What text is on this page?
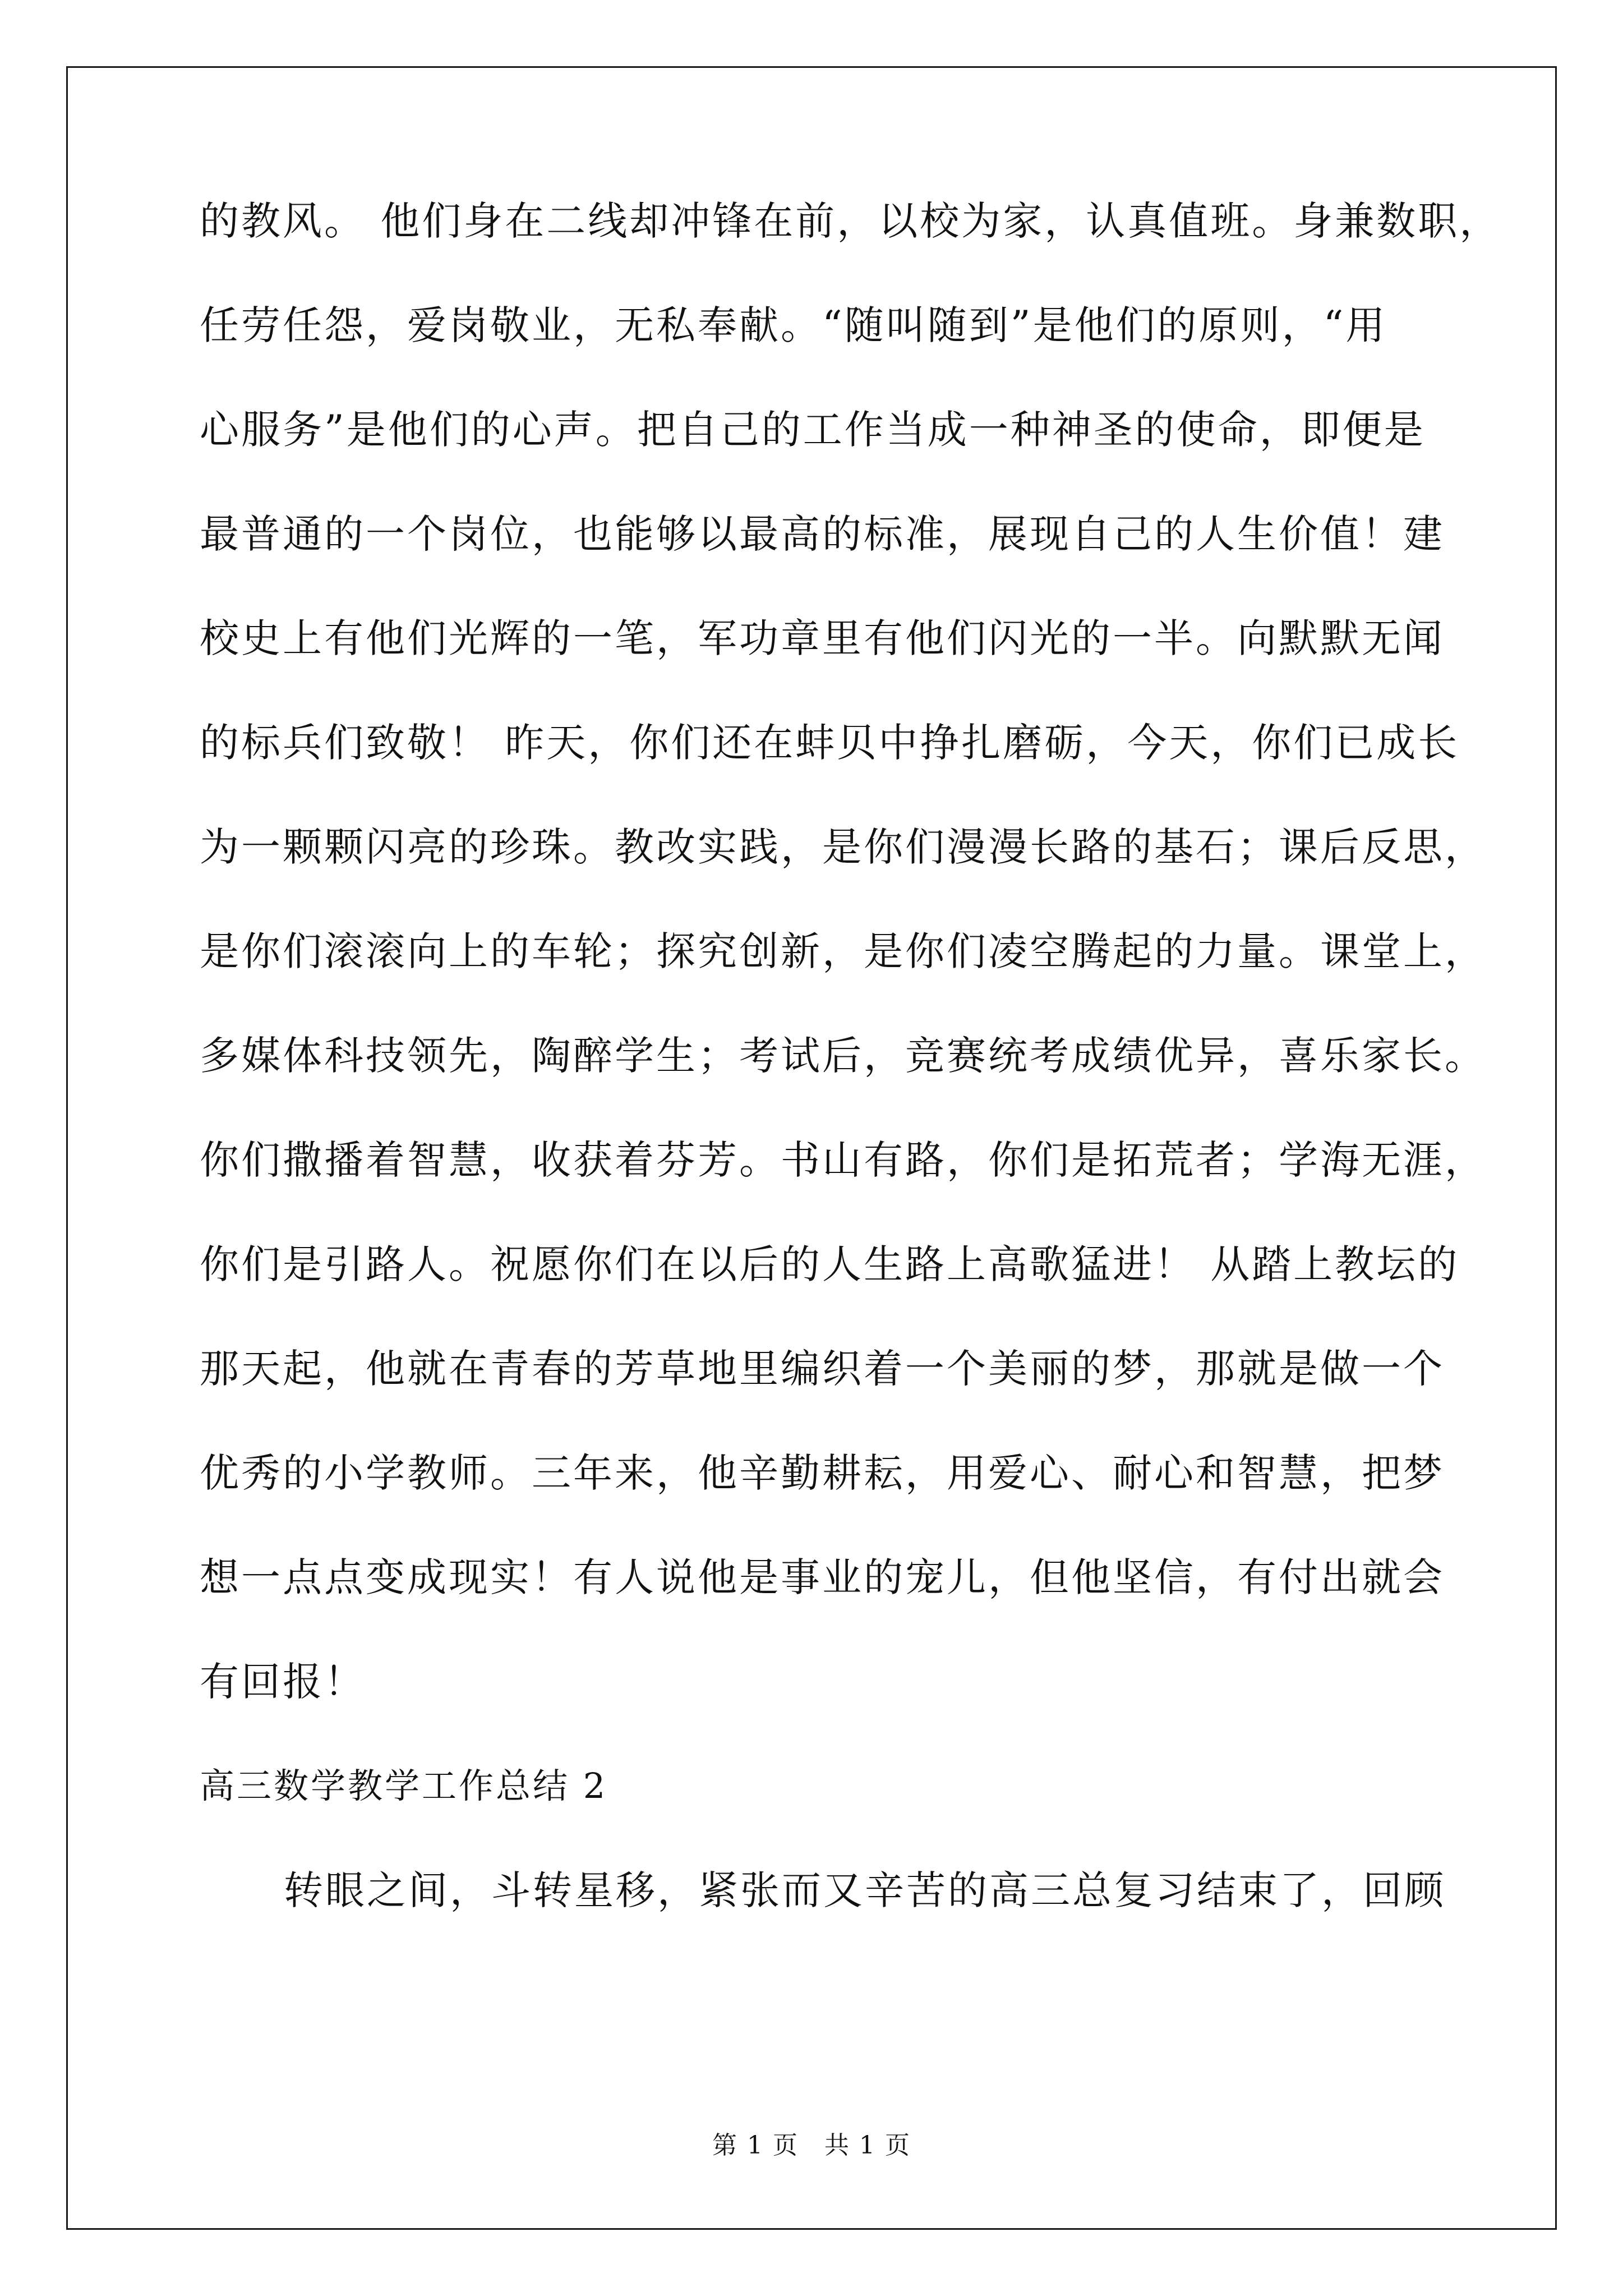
的教风。 他们身在二线却冲锋在前，以校为家，认真值班。身兼数职，
任劳任怨，爱岗敬业，无私奉献。“随叫随到”是他们的原则，“用
心服务”是他们的心声。把自己的工作当成一种神圣的使命，即便是
最普通的一个岗位，也能够以最高的标准，展现自己的人生价值！建
校史上有他们光辉的一笔，军功章里有他们闪光的一半。向默默无闻
的标兵们致敬！ 昨天，你们还在蚌贝中挣扎磨砺，今天，你们已成长
为一颗颗闪亮的珍珠。教改实践，是你们漫漫长路的基石；课后反思，
是你们滚滚向上的车轮；探究创新，是你们凌空腾起的力量。课堂上，
多媒体科技领先，陶醉学生；考试后，竞赛统考成绩优异，喜乐家长。
你们撒播着智慧，收获着芬芳。书山有路，你们是拓荒者；学海无涯，
你们是引路人。祝愿你们在以后的人生路上高歌猛进！ 从踏上教坛的
那天起，他就在青春的芳草地里编织着一个美丽的梦，那就是做一个
优秀的小学教师。三年来，他辛勤耕耘，用爱心、耐心和智慧，把梦
想一点点变成现实！有人说他是事业的宠儿，但他坚信，有付出就会
有回报！
高三数学教学工作总结 2
转眼之间，斗转星移，紧张而又辛苦的高三总复习结束了，回顾
第 1 页　共 1 页
